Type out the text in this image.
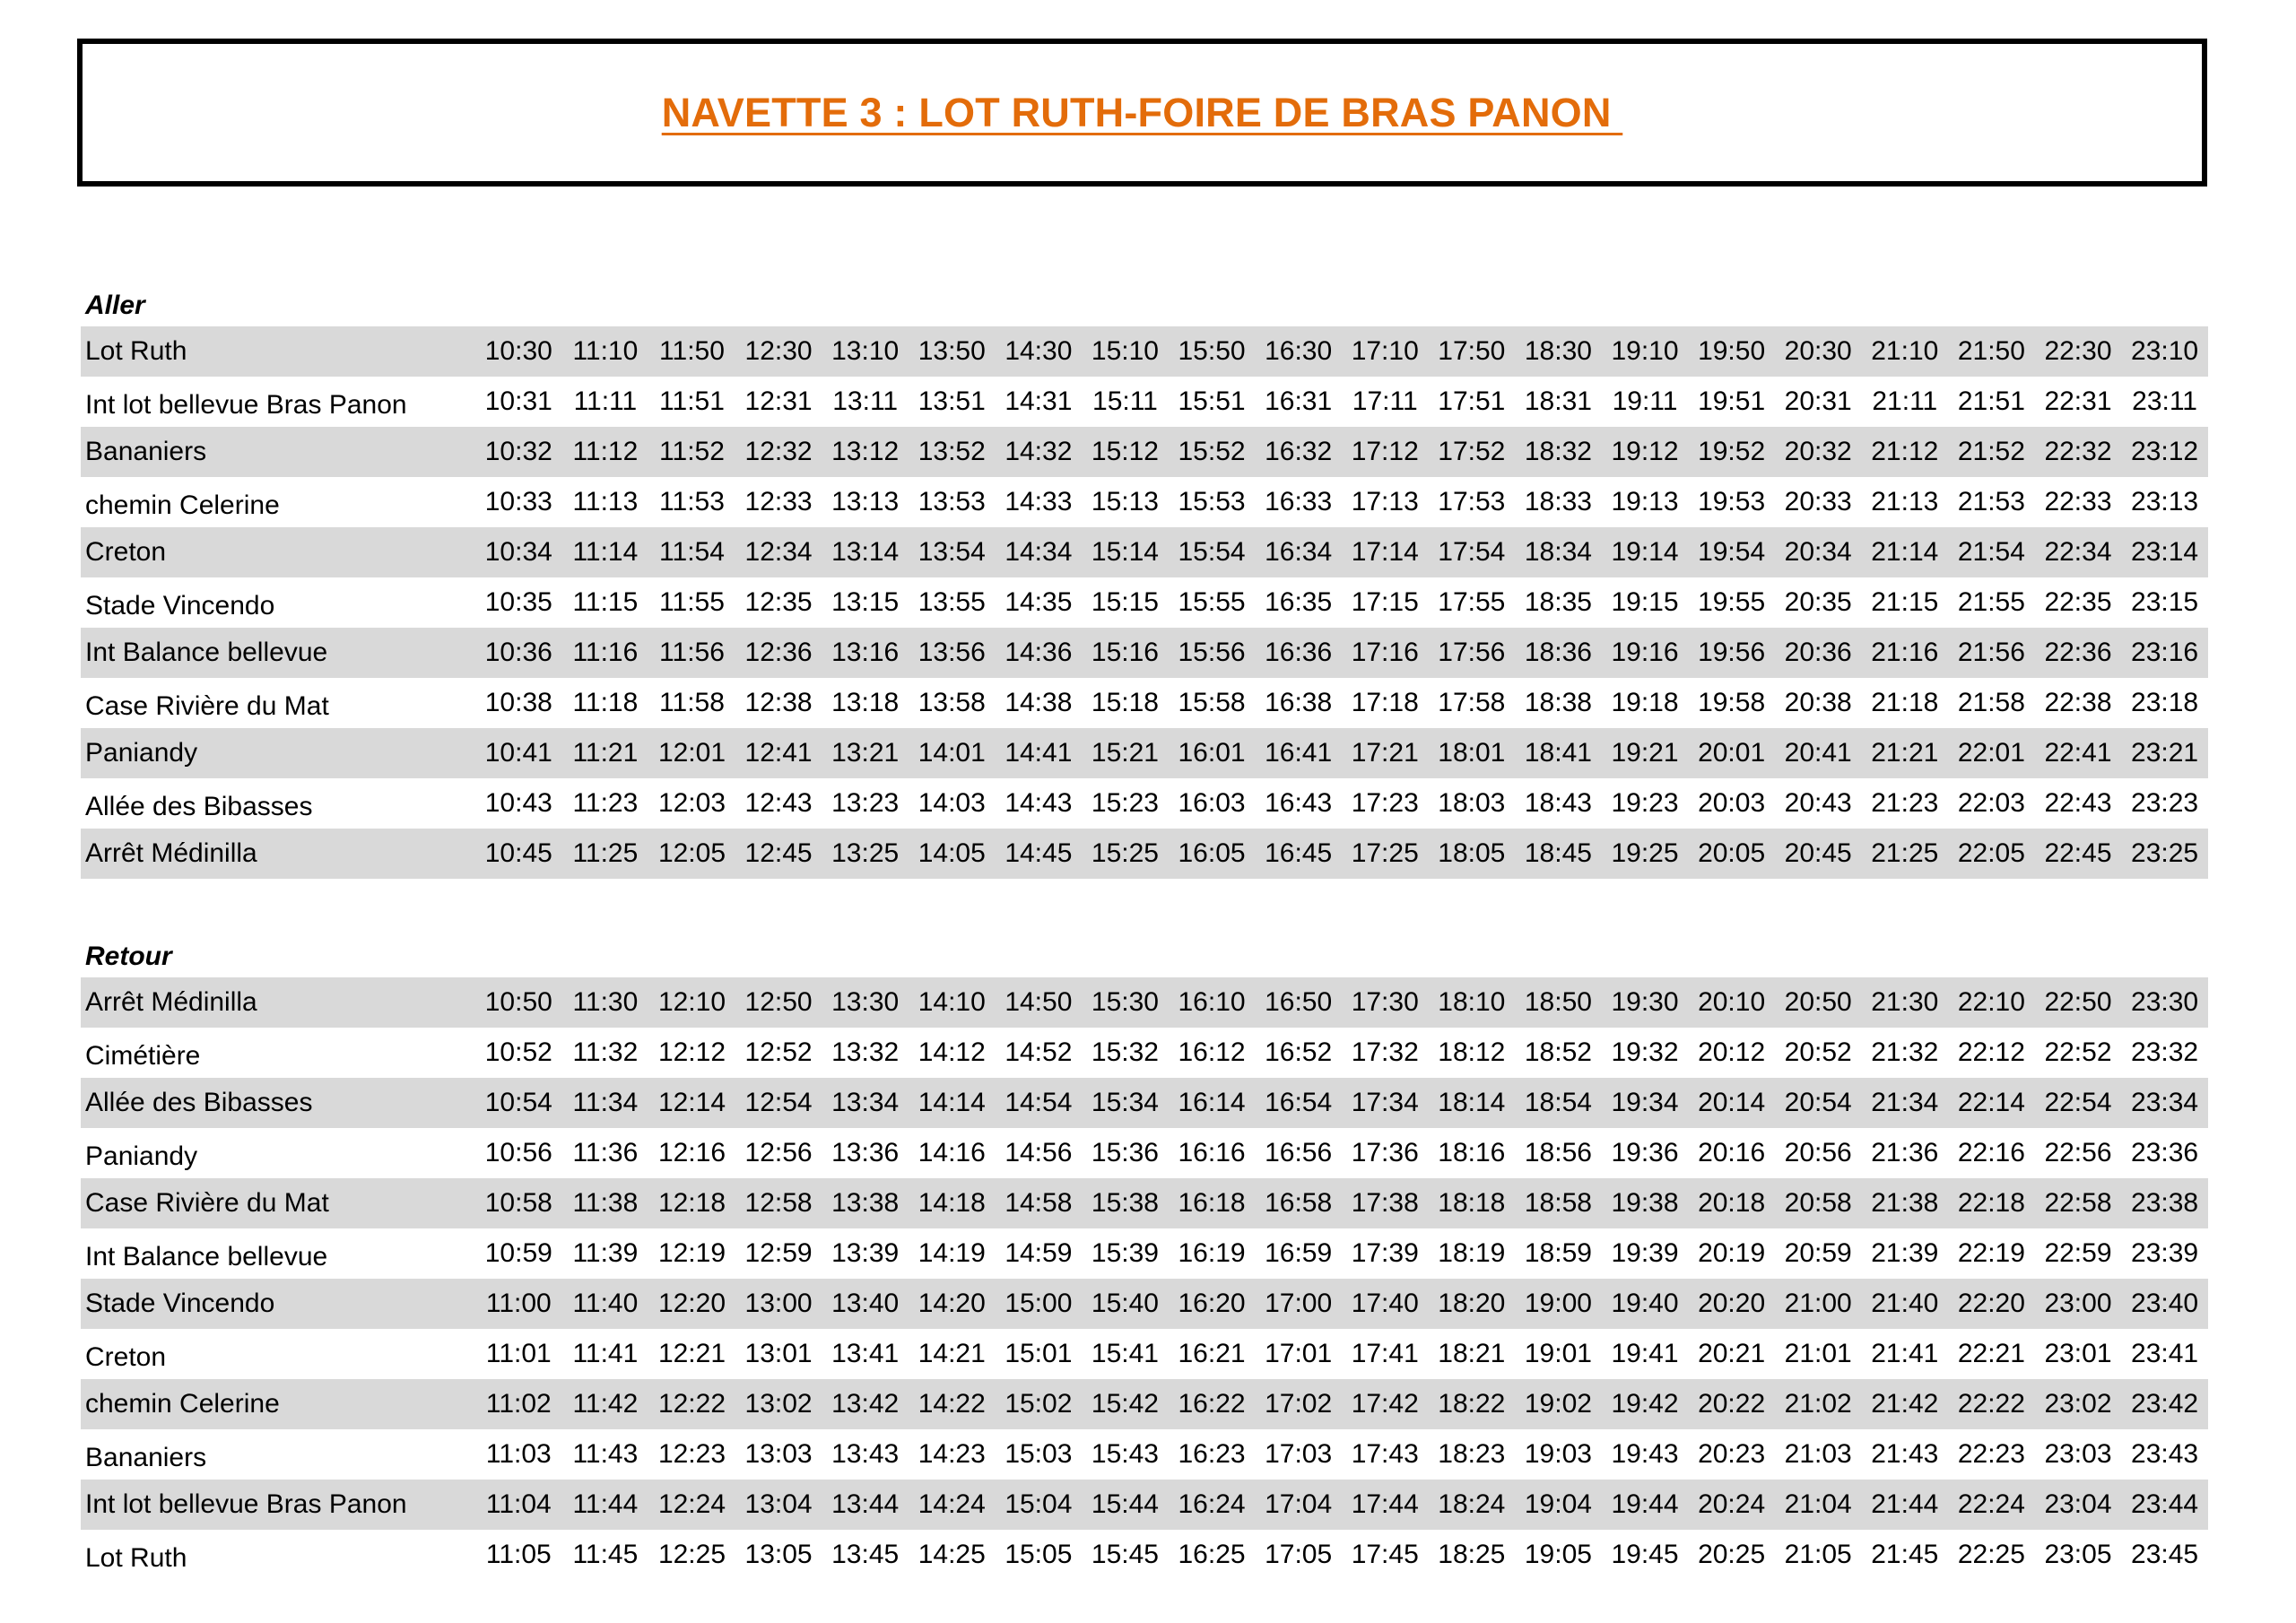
NAVETTE 3 : LOT RUTH-FOIRE DE BRAS PANON
Aller
Lot Ruth	10:30 11:10 11:50 12:30 13:10 13:50 14:30 15:10 15:50 16:30 17:10 17:50 18:30 19:10 19:50 20:30 21:10 21:50 22:30 23:10
Int lot bellevue Bras Panon	10:31 11:11 11:51 12:31 13:11 13:51 14:31 15:11 15:51 16:31 17:11 17:51 18:31 19:11 19:51 20:31 21:11 21:51 22:31 23:11
Bananiers	10:32 11:12 11:52 12:32 13:12 13:52 14:32 15:12 15:52 16:32 17:12 17:52 18:32 19:12 19:52 20:32 21:12 21:52 22:32 23:12
chemin Celerine	10:33 11:13 11:53 12:33 13:13 13:53 14:33 15:13 15:53 16:33 17:13 17:53 18:33 19:13 19:53 20:33 21:13 21:53 22:33 23:13
Creton	10:34 11:14 11:54 12:34 13:14 13:54 14:34 15:14 15:54 16:34 17:14 17:54 18:34 19:14 19:54 20:34 21:14 21:54 22:34 23:14
Stade Vincendo	10:35 11:15 11:55 12:35 13:15 13:55 14:35 15:15 15:55 16:35 17:15 17:55 18:35 19:15 19:55 20:35 21:15 21:55 22:35 23:15
Int Balance bellevue	10:36 11:16 11:56 12:36 13:16 13:56 14:36 15:16 15:56 16:36 17:16 17:56 18:36 19:16 19:56 20:36 21:16 21:56 22:36 23:16
Case Rivière du Mat	10:38 11:18 11:58 12:38 13:18 13:58 14:38 15:18 15:58 16:38 17:18 17:58 18:38 19:18 19:58 20:38 21:18 21:58 22:38 23:18
Paniandy	10:41 11:21 12:01 12:41 13:21 14:01 14:41 15:21 16:01 16:41 17:21 18:01 18:41 19:21 20:01 20:41 21:21 22:01 22:41 23:21
Allée des Bibasses	10:43 11:23 12:03 12:43 13:23 14:03 14:43 15:23 16:03 16:43 17:23 18:03 18:43 19:23 20:03 20:43 21:23 22:03 22:43 23:23
Arrêt Médinilla	10:45 11:25 12:05 12:45 13:25 14:05 14:45 15:25 16:05 16:45 17:25 18:05 18:45 19:25 20:05 20:45 21:25 22:05 22:45 23:25
Retour
Arrêt Médinilla	10:50 11:30 12:10 12:50 13:30 14:10 14:50 15:30 16:10 16:50 17:30 18:10 18:50 19:30 20:10 20:50 21:30 22:10 22:50 23:30
Cimétière	10:52 11:32 12:12 12:52 13:32 14:12 14:52 15:32 16:12 16:52 17:32 18:12 18:52 19:32 20:12 20:52 21:32 22:12 22:52 23:32
Allée des Bibasses	10:54 11:34 12:14 12:54 13:34 14:14 14:54 15:34 16:14 16:54 17:34 18:14 18:54 19:34 20:14 20:54 21:34 22:14 22:54 23:34
Paniandy	10:56 11:36 12:16 12:56 13:36 14:16 14:56 15:36 16:16 16:56 17:36 18:16 18:56 19:36 20:16 20:56 21:36 22:16 22:56 23:36
Case Rivière du Mat	10:58 11:38 12:18 12:58 13:38 14:18 14:58 15:38 16:18 16:58 17:38 18:18 18:58 19:38 20:18 20:58 21:38 22:18 22:58 23:38
Int Balance bellevue	10:59 11:39 12:19 12:59 13:39 14:19 14:59 15:39 16:19 16:59 17:39 18:19 18:59 19:39 20:19 20:59 21:39 22:19 22:59 23:39
Stade Vincendo	11:00 11:40 12:20 13:00 13:40 14:20 15:00 15:40 16:20 17:00 17:40 18:20 19:00 19:40 20:20 21:00 21:40 22:20 23:00 23:40
Creton	11:01 11:41 12:21 13:01 13:41 14:21 15:01 15:41 16:21 17:01 17:41 18:21 19:01 19:41 20:21 21:01 21:41 22:21 23:01 23:41
chemin Celerine	11:02 11:42 12:22 13:02 13:42 14:22 15:02 15:42 16:22 17:02 17:42 18:22 19:02 19:42 20:22 21:02 21:42 22:22 23:02 23:42
Bananiers	11:03 11:43 12:23 13:03 13:43 14:23 15:03 15:43 16:23 17:03 17:43 18:23 19:03 19:43 20:23 21:03 21:43 22:23 23:03 23:43
Int lot bellevue Bras Panon	11:04 11:44 12:24 13:04 13:44 14:24 15:04 15:44 16:24 17:04 17:44 18:24 19:04 19:44 20:24 21:04 21:44 22:24 23:04 23:44
Lot Ruth	11:05 11:45 12:25 13:05 13:45 14:25 15:05 15:45 16:25 17:05 17:45 18:25 19:05 19:45 20:25 21:05 21:45 22:25 23:05 23:45
